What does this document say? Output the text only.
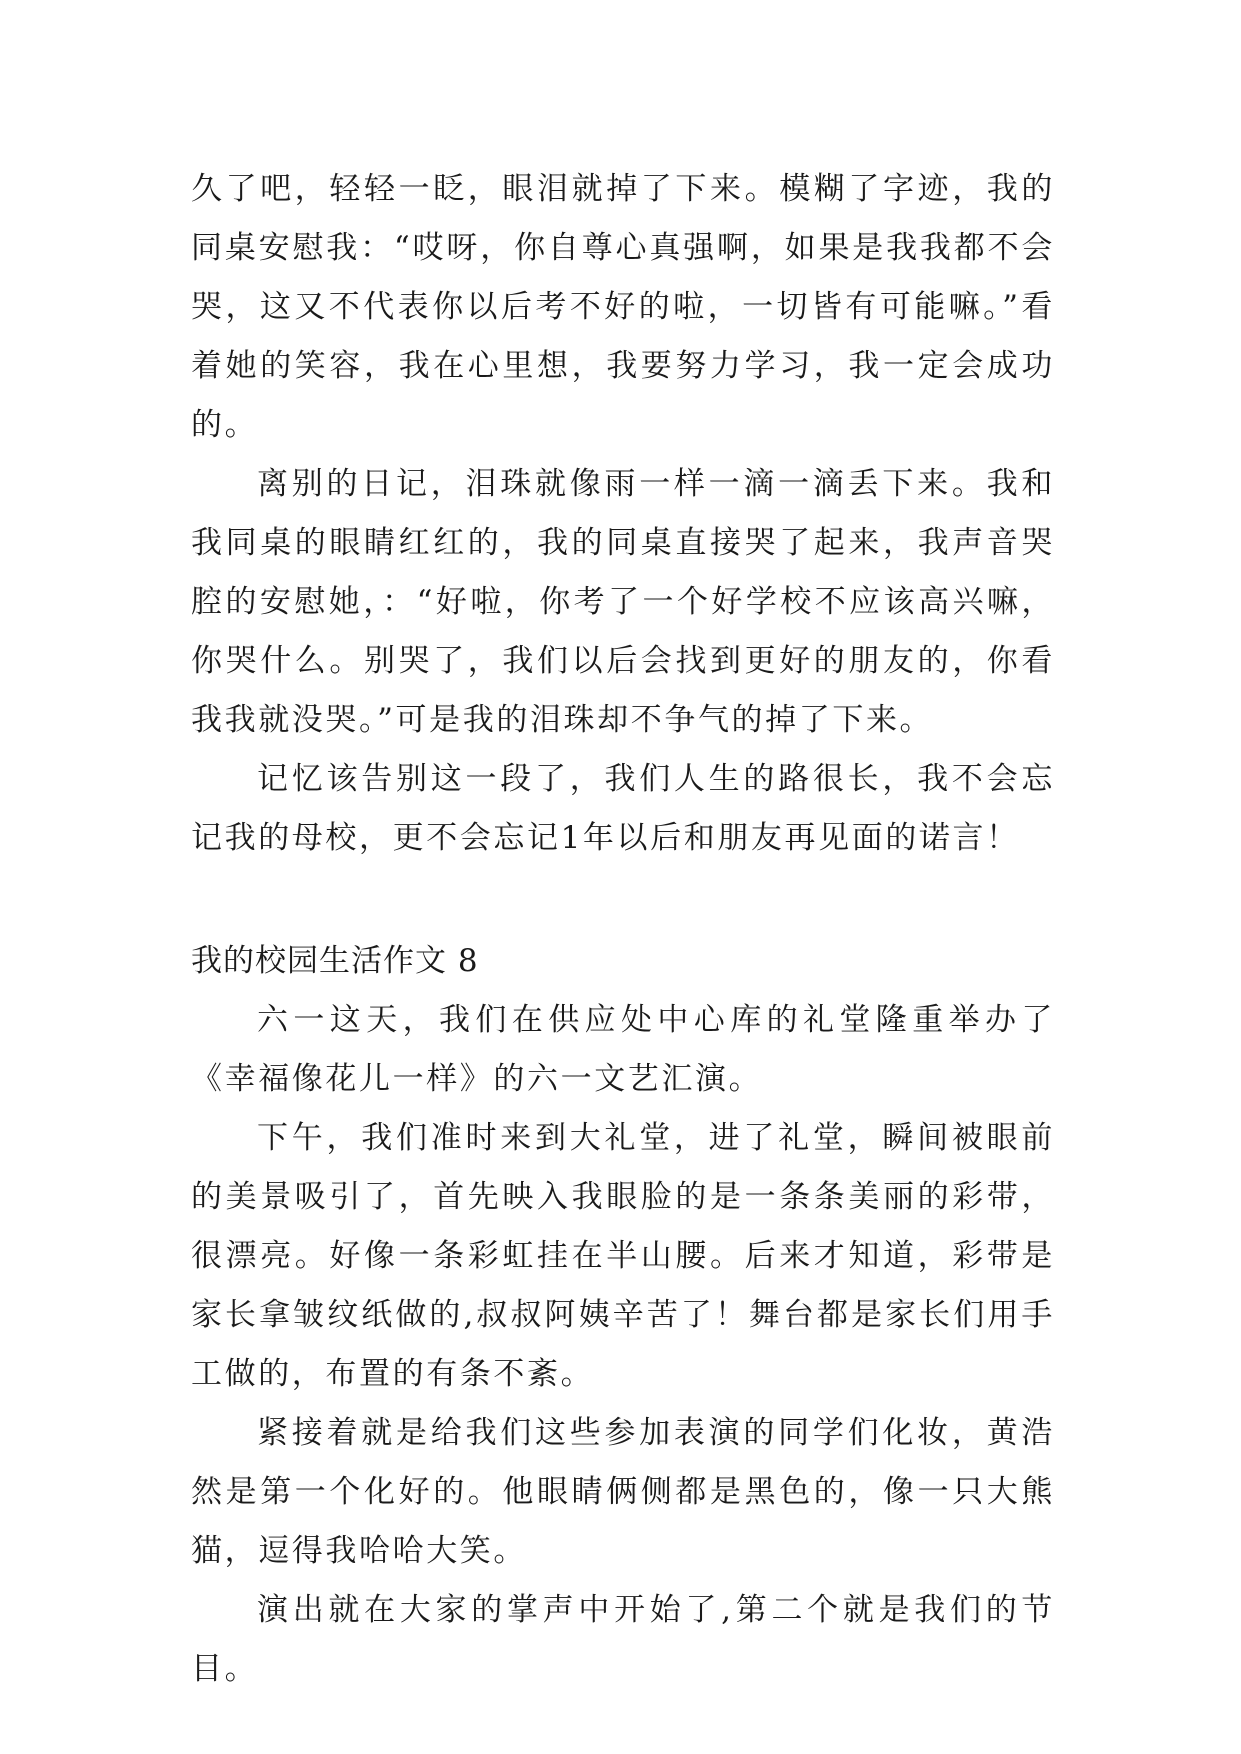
久了吧，轻轻一眨，眼泪就掉了下来。模糊了字迹，我的同桌安慰我：“哎呀，你自尊心真强啊，如果是我我都不会哭，这又不代表你以后考不好的啦，一切皆有可能嘛。”看着她的笑容，我在心里想，我要努力学习，我一定会成功的。

离别的日记，泪珠就像雨一样一滴一滴丢下来。我和我同桌的眼睛红红的，我的同桌直接哭了起来，我声音哭腔的安慰她，：“好啦，你考了一个好学校不应该高兴嘛，你哭什么。别哭了，我们以后会找到更好的朋友的，你看我我就没哭。”可是我的泪珠却不争气的掉了下来。

记忆该告别这一段了，我们人生的路很长，我不会忘记我的母校，更不会忘记1年以后和朋友再见面的诺言！

我的校园生活作文 8

六一这天，我们在供应处中心库的礼堂隆重举办了《幸福像花儿一样》的六一文艺汇演。

下午，我们准时来到大礼堂，进了礼堂，瞬间被眼前的美景吸引了，首先映入我眼脸的是一条条美丽的彩带，很漂亮。好像一条彩虹挂在半山腰。后来才知道，彩带是家长拿皱纹纸做的,叔叔阿姨辛苦了！舞台都是家长们用手工做的，布置的有条不紊。

紧接着就是给我们这些参加表演的同学们化妆，黄浩然是第一个化好的。他眼睛俩侧都是黑色的，像一只大熊猫，逗得我哈哈大笑。

演出就在大家的掌声中开始了,第二个就是我们的节目。
